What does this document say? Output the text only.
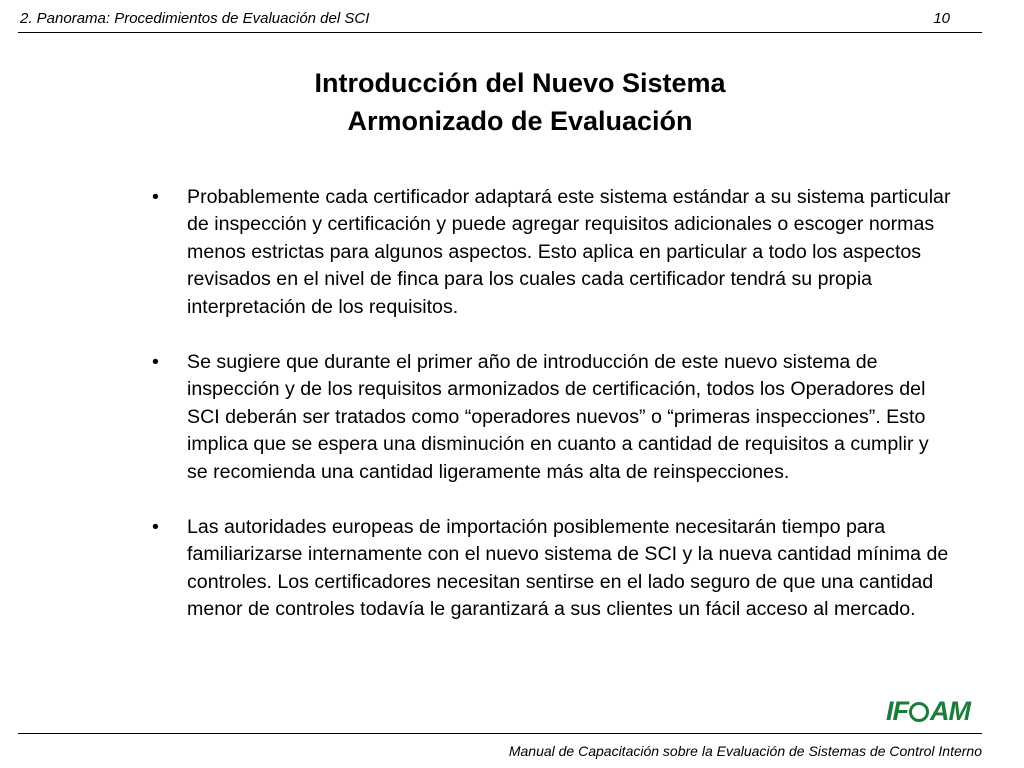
2. Panorama: Procedimientos de Evaluación del SCI	10
Introducción del Nuevo Sistema
Armonizado de Evaluación
• Probablemente cada certificador adaptará este sistema estándar a su sistema particular de inspección y certificación y puede agregar requisitos adicionales o escoger normas menos estrictas para algunos aspectos. Esto aplica en particular a todo los aspectos revisados en el nivel de finca para los cuales cada certificador tendrá su propia interpretación de los requisitos.
• Se sugiere que durante el primer año de introducción de este nuevo sistema de inspección y de los requisitos armonizados de certificación, todos los Operadores del SCI deberán ser tratados como “operadores nuevos” o “primeras inspecciones”. Esto implica que se espera una disminución en cuanto a cantidad de requisitos a cumplir y se recomienda una cantidad ligeramente más alta de reinspecciones.
• Las autoridades europeas de importación posiblemente necesitarán tiempo para familiarizarse internamente con el nuevo sistema de SCI y la nueva cantidad mínima de controles. Los certificadores necesitan sentirse en el lado seguro de que una cantidad menor de controles todavía le garantizará a sus clientes un fácil acceso al mercado.
IF AM
Manual de Capacitación sobre la Evaluación de Sistemas de Control Interno
